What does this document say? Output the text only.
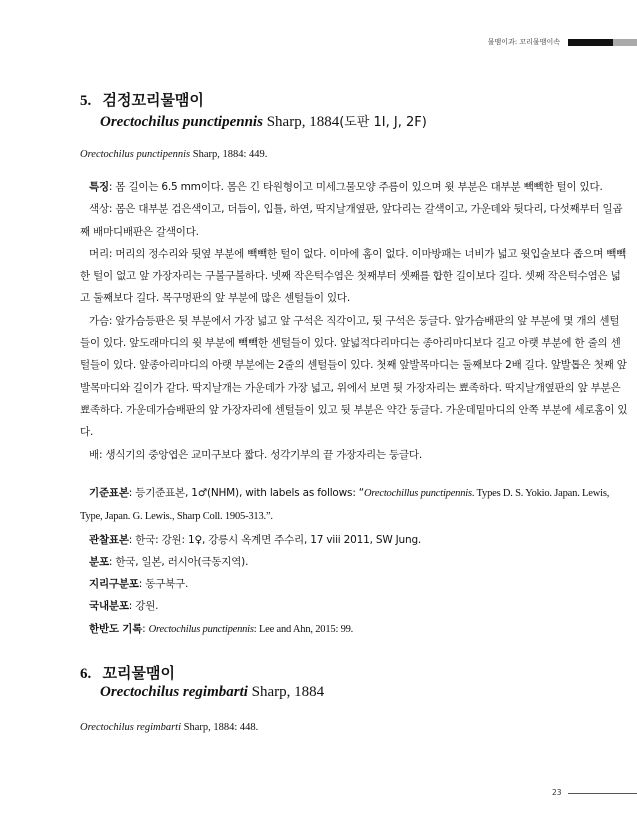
물맴이과: 꼬리물맴이속
5. 검정꼬리물맴이
Orectochilus punctipennis Sharp, 1884(도판 1I, J, 2F)
Orectochilus punctipennis Sharp, 1884: 449.

특징: 몸 길이는 6.5 mm이다. 몸은 긴 타원형이고 미세그물모양 주름이 있으며 윗 부분은 대부분 빽빽한 털이 있다.

색상: 몸은 대부분 검은색이고, 더듬이, 입틀, 하연, 딱지날개옆판, 앞다리는 갈색이고, 가운데와 뒷다리, 다섯째부터 일곱째 배마디배판은 갈색이다.

머리: 머리의 정수리와 뒷옆 부분에 빽빽한 털이 없다. 이마에 홈이 없다. 이마방패는 너비가 넓고 윗입술보다 좁으며 빽빽한 털이 없고 앞 가장자리는 구불구불하다. 넷째 작은턱수염은 첫째부터 셋째를 합한 길이보다 길다. 셋째 작은턱수염은 넓고 둘째보다 길다. 목구멍판의 앞 부분에 많은 센털들이 있다.

가슴: 앞가슴등판은 뒷 부분에서 가장 넓고 앞 구석은 직각이고, 뒷 구석은 둥글다. 앞가슴배판의 앞 부분에 몇 개의 센털들이 있다. 앞도래마디의 윗 부분에 빽빽한 센털들이 있다. 앞넓적다리마디는 종아리마디보다 길고 아랫 부분에 한 줄의 센털들이 있다. 앞종아리마디의 아랫 부분에는 2줄의 센털들이 있다. 첫째 앞발목마디는 둘째보다 2배 길다. 앞발톱은 첫째 앞발목마디와 길이가 같다. 딱지날개는 가운데가 가장 넓고, 위에서 보면 뒷 가장자리는 뾰족하다. 딱지날개옆판의 앞 부분은 뾰족하다. 가운데가슴배판의 앞 가장자리에 센털들이 있고 뒷 부분은 약간 둥글다. 가운데밑마디의 안쪽 부분에 세로홈이 있다.

배: 생식기의 중앙엽은 교미구보다 짧다. 성각기부의 끝 가장자리는 둥글다.

기준표본: 등기준표본, 1♂(NHM), with labels as follows: “Orectochillus punctipennis. Types D. S. Yokio. Japan. Lewis, Type, Japan. G. Lewis., Sharp Coll. 1905-313.”.

관찰표본: 한국: 강원: 1♀, 강릉시 옥계면 주수리, 17 viii 2011, SW Jung.

분포: 한국, 일본, 러시아(극동지역).

지리구분포: 동구북구.

국내분포: 강원.

한반도 기록: Orectochilus punctipennis: Lee and Ahn, 2015: 99.

6. 꼬리물맴이
Orectochilus regimbarti Sharp, 1884
Orectochilus regimbarti Sharp, 1884: 448.
23
